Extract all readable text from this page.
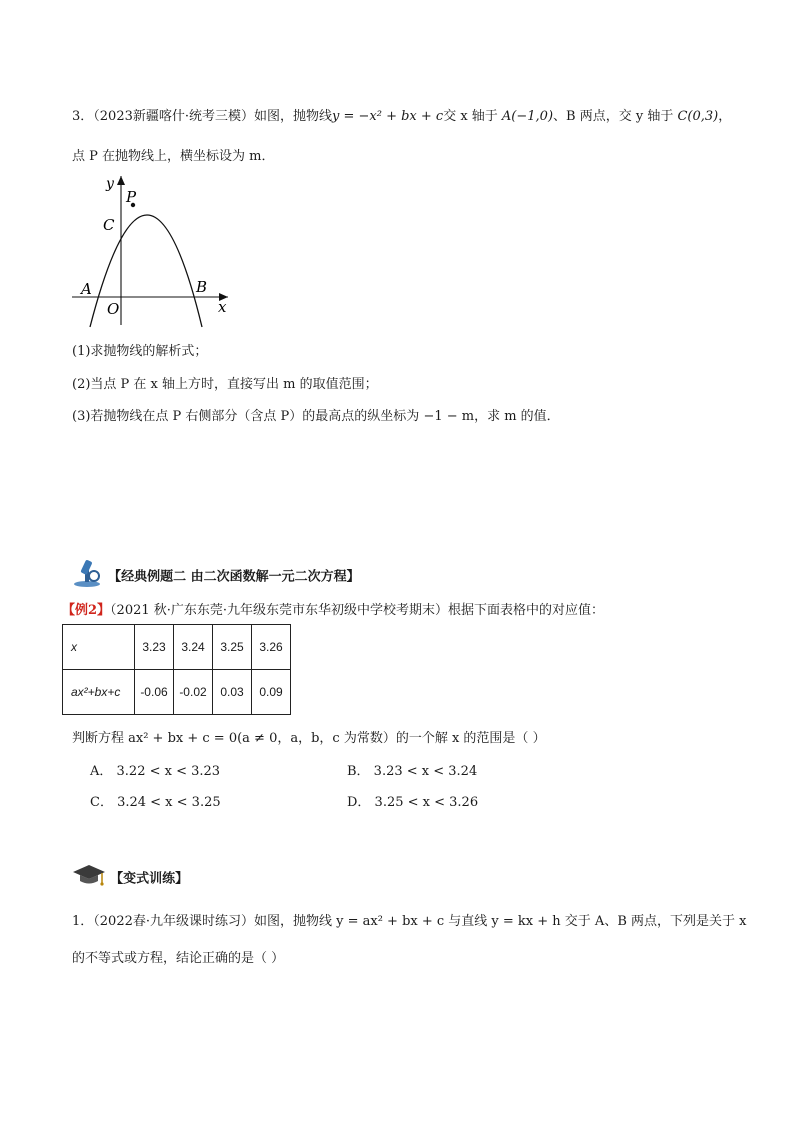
3．（2023新疆喀什·统考三模）如图，抛物线y = −x² + bx + c交 x 轴于 A(−1,0)、B 两点，交 y 轴于 C(0,3)，
点 P 在抛物线上，横坐标设为 m．
y
x
A	B
C
O
P
(1)求抛物线的解析式；
(2)当点 P 在 x 轴上方时，直接写出 m 的取值范围；
(3)若抛物线在点 P 右侧部分（含点 P）的最高点的纵坐标为 −1 − m，求 m 的值．
【经典例题二 由二次函数解一元二次方程】
【例2】（2021 秋·广东东莞·九年级东莞市东华初级中学校考期末）根据下面表格中的对应值：
x	3.23	3.24	3.25	3.26
ax²+bx+c	-0.06	-0.02	0.03	0.09
判断方程 ax² + bx + c = 0(a ≠ 0，a，b，c 为常数）的一个解 x 的范围是（ ）
A． 3.22 < x < 3.23	B． 3.23 < x < 3.24
C． 3.24 < x < 3.25	D． 3.25 < x < 3.26
【变式训练】
1．（2022春·九年级课时练习）如图，抛物线 y = ax² + bx + c 与直线 y = kx + h 交于 A、B 两点，下列是关于 x
的不等式或方程，结论正确的是（ ）
